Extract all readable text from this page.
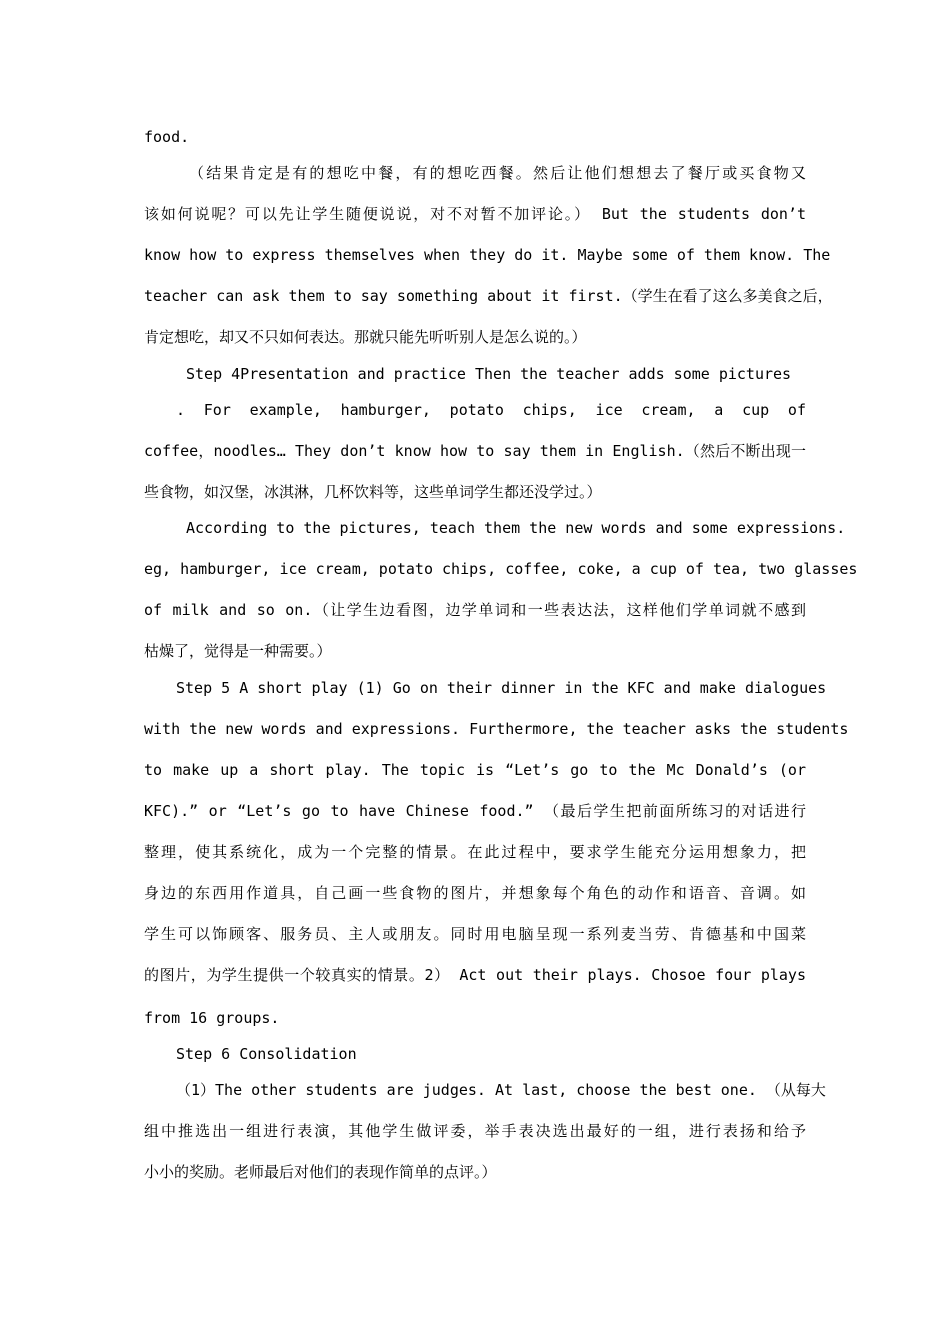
food.
（结果肯定是有的想吃中餐，有的想吃西餐。然后让他们想想去了餐厅或买食物又
该如何说呢？可以先让学生随便说说，对不对暂不加评论。） But the students don’t
know how to express themselves when they do it. Maybe some of them know. The
teacher can ask them to say something about it first.（学生在看了这么多美食之后，
肯定想吃，却又不只如何表达。那就只能先听听别人是怎么说的。）
Step 4Presentation and practice Then the teacher adds some pictures
. For example, hamburger, potato chips, ice cream, a cup of
coffee，noodles… They don’t know how to say them in English.（然后不断出现一
些食物，如汉堡，冰淇淋，几杯饮料等，这些单词学生都还没学过。）
According to the pictures, teach them the new words and some expressions.
eg, hamburger, ice cream, potato chips, coffee, coke, a cup of tea, two glasses
of milk and so on.（让学生边看图，边学单词和一些表达法，这样他们学单词就不感到
枯燥了，觉得是一种需要。）
Step 5 A short play (1) Go on their dinner in the KFC and make dialogues
with the new words and expressions. Furthermore, the teacher asks the students
to make up a short play. The topic is “Let’s go to the Mc Donald’s (or
KFC).” or “Let’s go to have Chinese food.” （最后学生把前面所练习的对话进行
整理，使其系统化，成为一个完整的情景。在此过程中，要求学生能充分运用想象力，把
身边的东西用作道具，自己画一些食物的图片，并想象每个角色的动作和语音、音调。如
学生可以饰顾客、服务员、主人或朋友。同时用电脑呈现一系列麦当劳、肯德基和中国菜
的图片，为学生提供一个较真实的情景。2） Act out their plays. Chosoe four plays
from 16 groups.
Step 6 Consolidation
（1）The other students are judges. At last, choose the best one. （从每大
组中推选出一组进行表演，其他学生做评委，举手表决选出最好的一组，进行表扬和给予
小小的奖励。老师最后对他们的表现作简单的点评。）
